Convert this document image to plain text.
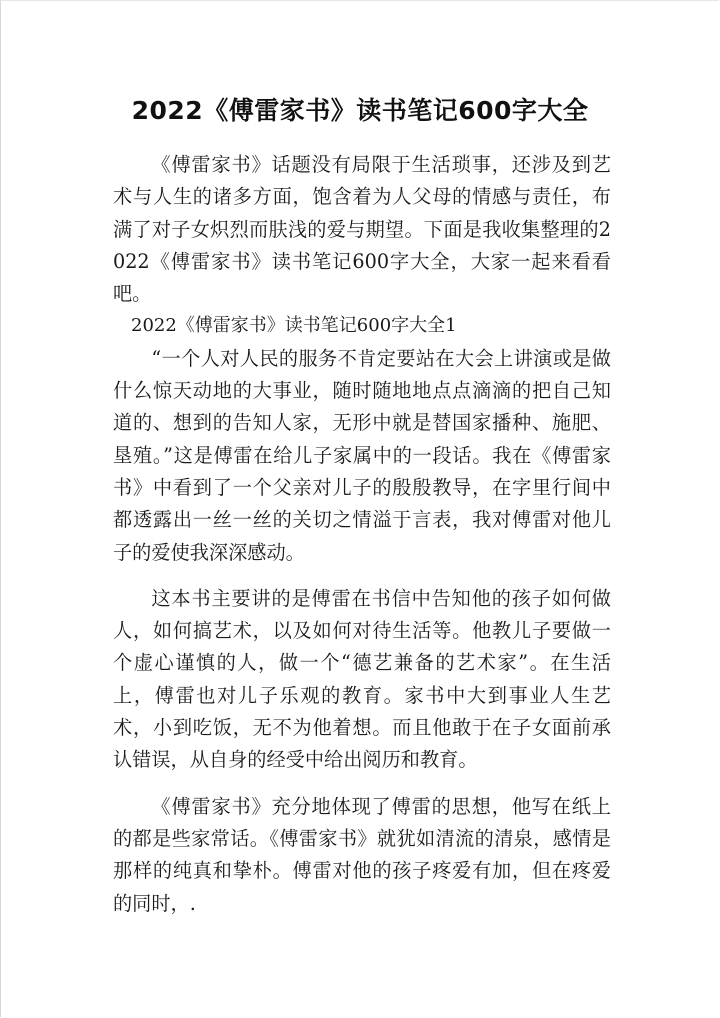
2022《傅雷家书》读书笔记600字大全

《傅雷家书》话题没有局限于生活琐事，还涉及到艺术与人生的诸多方面，饱含着为人父母的情感与责任，布满了对子女炽烈而肤浅的爱与期望。下面是我收集整理的2022《傅雷家书》读书笔记600字大全，大家一起来看看吧。

2022《傅雷家书》读书笔记600字大全1

“一个人对人民的服务不肯定要站在大会上讲演或是做什么惊天动地的大事业，随时随地地点点滴滴的把自己知道的、想到的告知人家，无形中就是替国家播种、施肥、垦殖。”这是傅雷在给儿子家属中的一段话。我在《傅雷家书》中看到了一个父亲对儿子的殷殷教导，在字里行间中都透露出一丝一丝的关切之情溢于言表，我对傅雷对他儿子的爱使我深深感动。

这本书主要讲的是傅雷在书信中告知他的孩子如何做人，如何搞艺术，以及如何对待生活等。他教儿子要做一个虚心谨慎的人，做一个“德艺兼备的艺术家”。在生活上，傅雷也对儿子乐观的教育。家书中大到事业人生艺术，小到吃饭，无不为他着想。而且他敢于在子女面前承认错误，从自身的经受中给出阅历和教育。

《傅雷家书》充分地体现了傅雷的思想，他写在纸上的都是些家常话。《傅雷家书》就犹如清流的清泉，感情是那样的纯真和挚朴。傅雷对他的孩子疼爱有加，但在疼爱的同时，.
